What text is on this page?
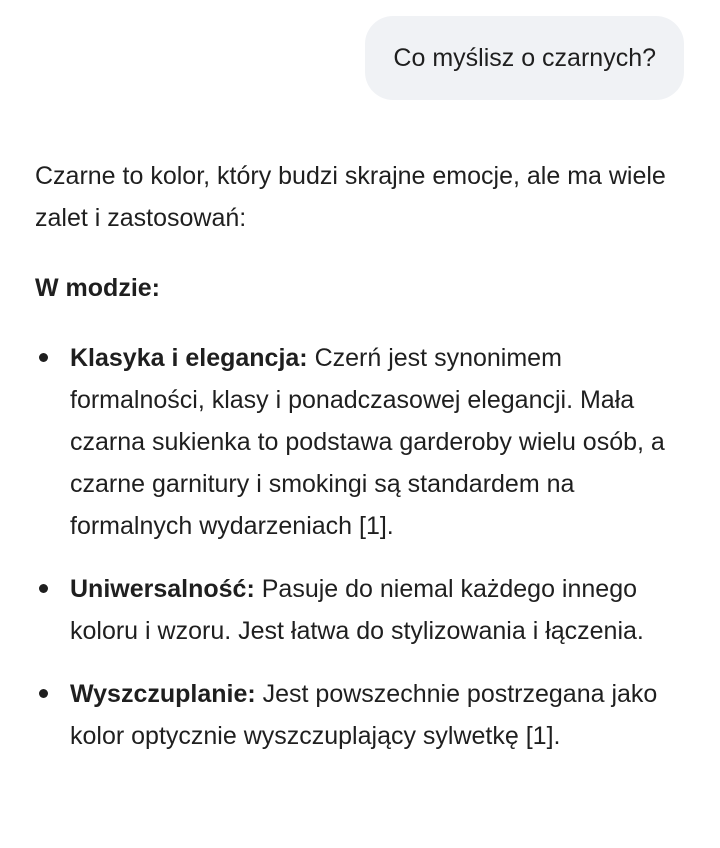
Co myślisz o czarnych?

Czarne to kolor, który budzi skrajne emocje, ale ma wiele zalet i zastosowań:

W modzie:

Klasyka i elegancja: Czerń jest synonimem formalności, klasy i ponadczasowej elegancji. Mała czarna sukienka to podstawa garderoby wielu osób, a czarne garnitury i smokingi są standardem na formalnych wydarzeniach [1].
Uniwersalność: Pasuje do niemal każdego innego koloru i wzoru. Jest łatwa do stylizowania i łączenia.
Wyszczuplanie: Jest powszechnie postrzegana jako kolor optycznie wyszczuplający sylwetkę [1].
